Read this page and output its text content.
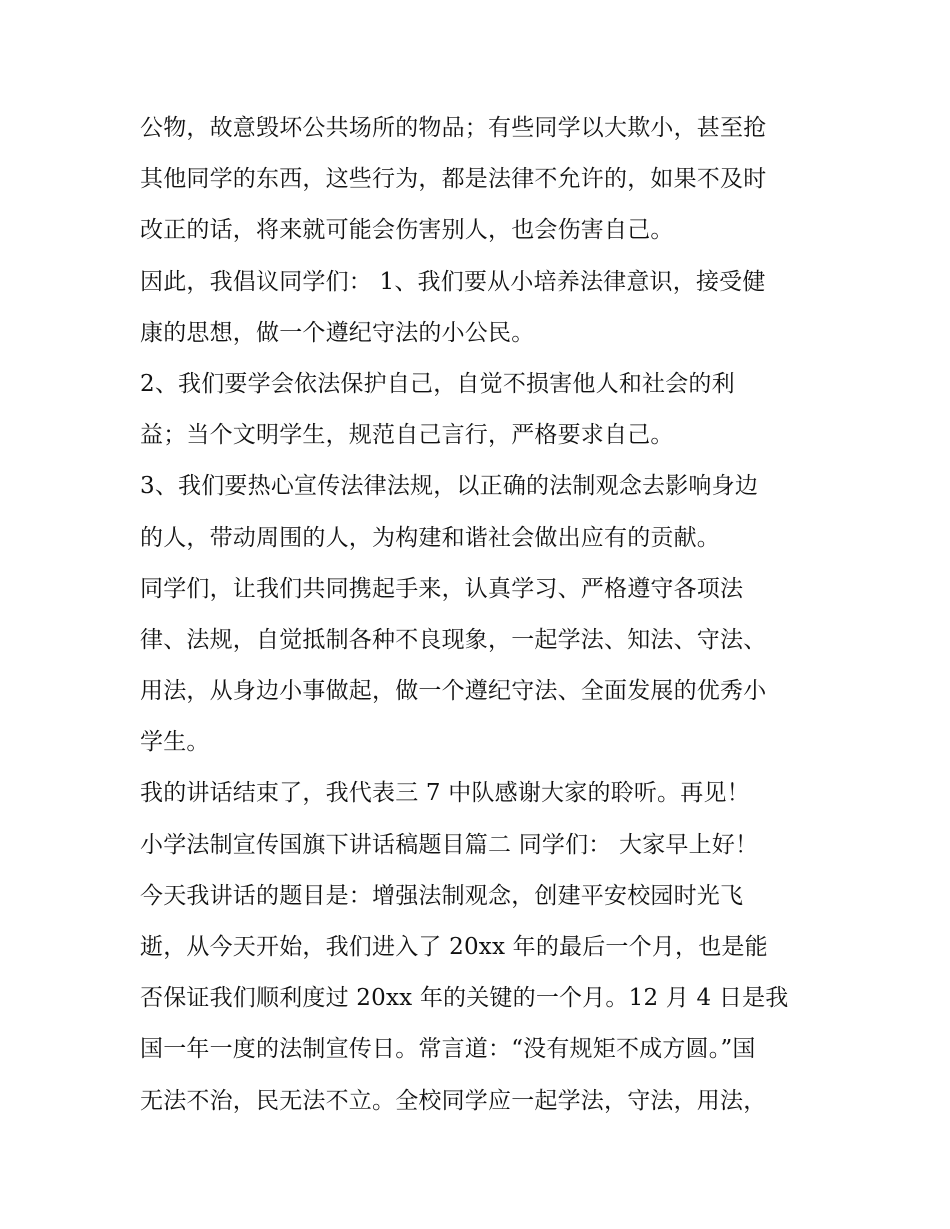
公物，故意毁坏公共场所的物品；有些同学以大欺小，甚至抢
其他同学的东西，这些行为，都是法律不允许的，如果不及时
改正的话，将来就可能会伤害别人，也会伤害自己。
因此，我倡议同学们： 1、我们要从小培养法律意识，接受健
康的思想，做一个遵纪守法的小公民。
2、我们要学会依法保护自己，自觉不损害他人和社会的利
益；当个文明学生，规范自己言行，严格要求自己。
3、我们要热心宣传法律法规，以正确的法制观念去影响身边
的人，带动周围的人，为构建和谐社会做出应有的贡献。
同学们，让我们共同携起手来，认真学习、严格遵守各项法
律、法规，自觉抵制各种不良现象，一起学法、知法、守法、
用法，从身边小事做起，做一个遵纪守法、全面发展的优秀小
学生。
我的讲话结束了，我代表三 7 中队感谢大家的聆听。再见！
小学法制宣传国旗下讲话稿题目篇二 同学们： 大家早上好！
今天我讲话的题目是：增强法制观念，创建平安校园时光飞
逝，从今天开始，我们进入了 20xx 年的最后一个月，也是能
否保证我们顺利度过 20xx 年的关键的一个月。12 月 4 日是我
国一年一度的法制宣传日。常言道：“没有规矩不成方圆。”国
无法不治，民无法不立。全校同学应一起学法，守法，用法，
